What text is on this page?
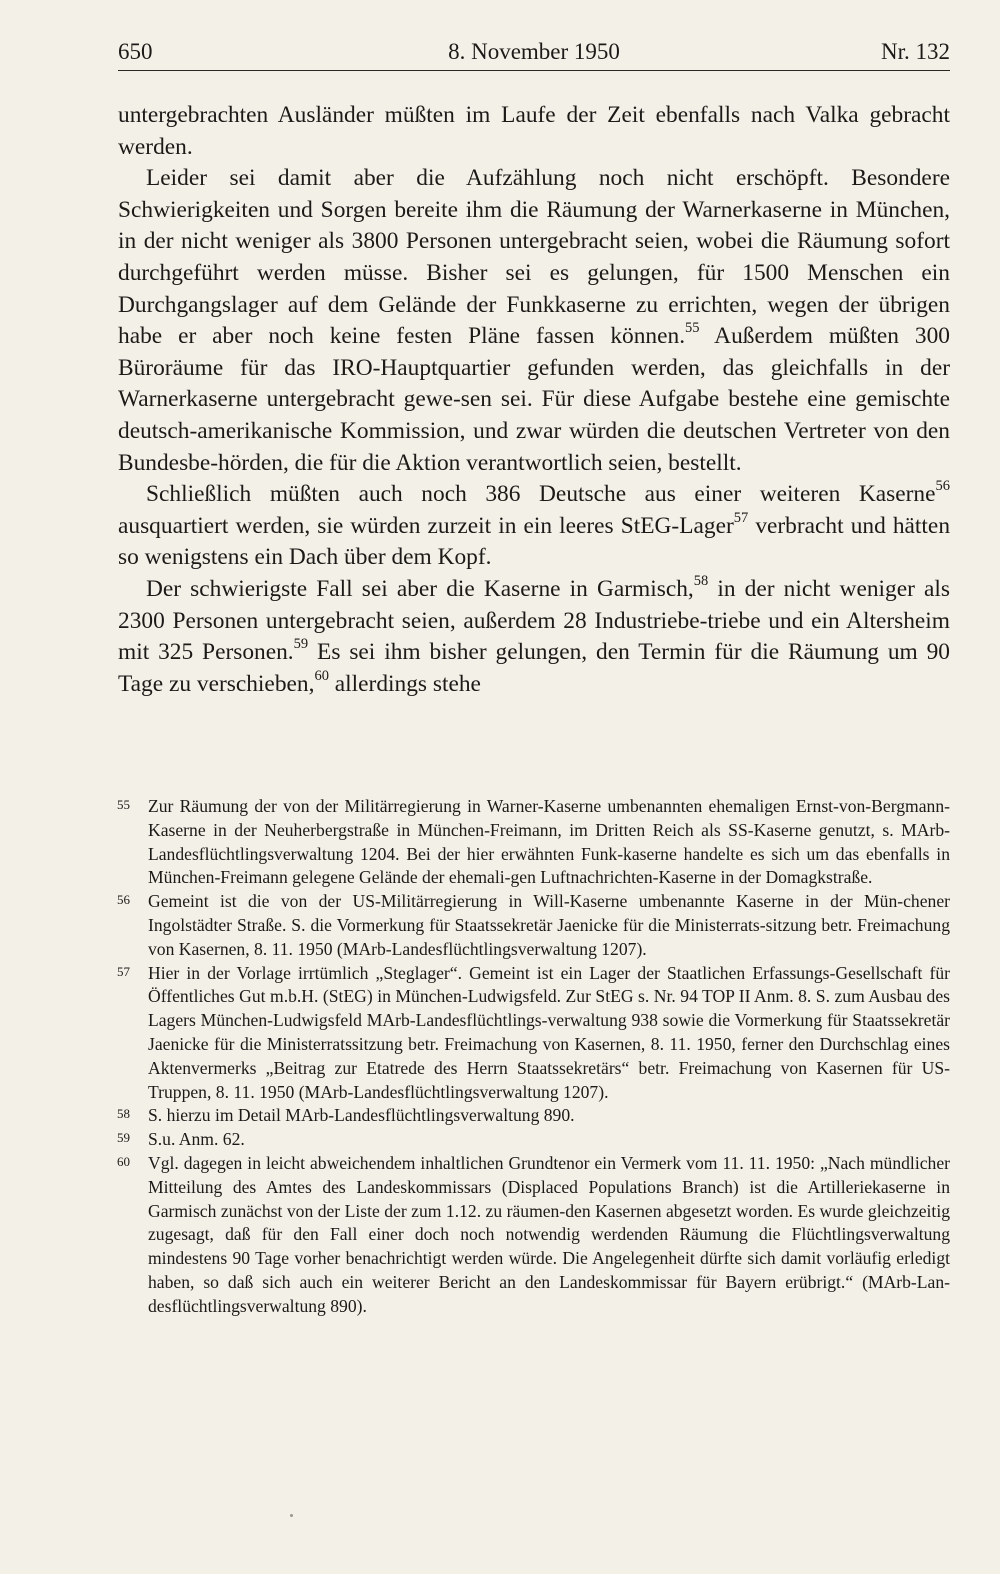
650	8. November 1950	Nr. 132

untergebrachten Ausländer müßten im Laufe der Zeit ebenfalls nach Valka gebracht werden.

Leider sei damit aber die Aufzählung noch nicht erschöpft. Besondere Schwierigkeiten und Sorgen bereite ihm die Räumung der Warnerkaserne in München, in der nicht weniger als 3800 Personen untergebracht seien, wobei die Räumung sofort durchgeführt werden müsse. Bisher sei es gelungen, für 1500 Menschen ein Durchgangslager auf dem Gelände der Funkkaserne zu errichten, wegen der übrigen habe er aber noch keine festen Pläne fassen können.$^{55}$ Außerdem müßten 300 Büroräume für das IRO-Hauptquartier gefunden werden, das gleichfalls in der Warnerkaserne untergebracht gewe-sen sei. Für diese Aufgabe bestehe eine gemischte deutsch-amerikanische Kommission, und zwar würden die deutschen Vertreter von den Bundesbe-hörden, die für die Aktion verantwortlich seien, bestellt.

Schließlich müßten auch noch 386 Deutsche aus einer weiteren Kaserne$^{56}$ ausquartiert werden, sie würden zurzeit in ein leeres StEG-Lager$^{57}$ verbracht und hätten so wenigstens ein Dach über dem Kopf.

Der schwierigste Fall sei aber die Kaserne in Garmisch,$^{58}$ in der nicht weniger als 2300 Personen untergebracht seien, außerdem 28 Industriebe-triebe und ein Altersheim mit 325 Personen.$^{59}$ Es sei ihm bisher gelungen, den Termin für die Räumung um 90 Tage zu verschieben,$^{60}$ allerdings stehe

55 Zur Räumung der von der Militärregierung in Warner-Kaserne umbenannten ehemaligen Ernst-von-Bergmann-Kaserne in der Neuherbergstraße in München-Freimann, im Dritten Reich als SS-Kaserne genutzt, s. MArb-Landesflüchtlingsverwaltung 1204. Bei der hier erwähnten Funk-kaserne handelte es sich um das ebenfalls in München-Freimann gelegene Gelände der ehemali-gen Luftnachrichten-Kaserne in der Domagkstraße.
56 Gemeint ist die von der US-Militärregierung in Will-Kaserne umbenannte Kaserne in der Mün-chener Ingolstädter Straße. S. die Vormerkung für Staatssekretär Jaenicke für die Ministerrats-sitzung betr. Freimachung von Kasernen, 8. 11. 1950 (MArb-Landesflüchtlingsverwaltung 1207).
57 Hier in der Vorlage irrtümlich „Steglager“. Gemeint ist ein Lager der Staatlichen Erfassungs-Gesellschaft für Öffentliches Gut m.b.H. (StEG) in München-Ludwigsfeld. Zur StEG s. Nr. 94 TOP II Anm. 8. S. zum Ausbau des Lagers München-Ludwigsfeld MArb-Landesflüchtlings-verwaltung 938 sowie die Vormerkung für Staatssekretär Jaenicke für die Ministerratssitzung betr. Freimachung von Kasernen, 8. 11. 1950, ferner den Durchschlag eines Aktenvermerks „Beitrag zur Etatrede des Herrn Staatssekretärs“ betr. Freimachung von Kasernen für US-Truppen, 8. 11. 1950 (MArb-Landesflüchtlingsverwaltung 1207).
58 S. hierzu im Detail MArb-Landesflüchtlingsverwaltung 890.
59 S.u. Anm. 62.
60 Vgl. dagegen in leicht abweichendem inhaltlichen Grundtenor ein Vermerk vom 11. 11. 1950: „Nach mündlicher Mitteilung des Amtes des Landeskommissars (Displaced Populations Branch) ist die Artilleriekaserne in Garmisch zunächst von der Liste der zum 1.12. zu räumen-den Kasernen abgesetzt worden. Es wurde gleichzeitig zugesagt, daß für den Fall einer doch noch notwendig werdenden Räumung die Flüchtlingsverwaltung mindestens 90 Tage vorher benachrichtigt werden würde. Die Angelegenheit dürfte sich damit vorläufig erledigt haben, so daß sich auch ein weiterer Bericht an den Landeskommissar für Bayern erübrigt.“ (MArb-Lan-desflüchtlingsverwaltung 890).
